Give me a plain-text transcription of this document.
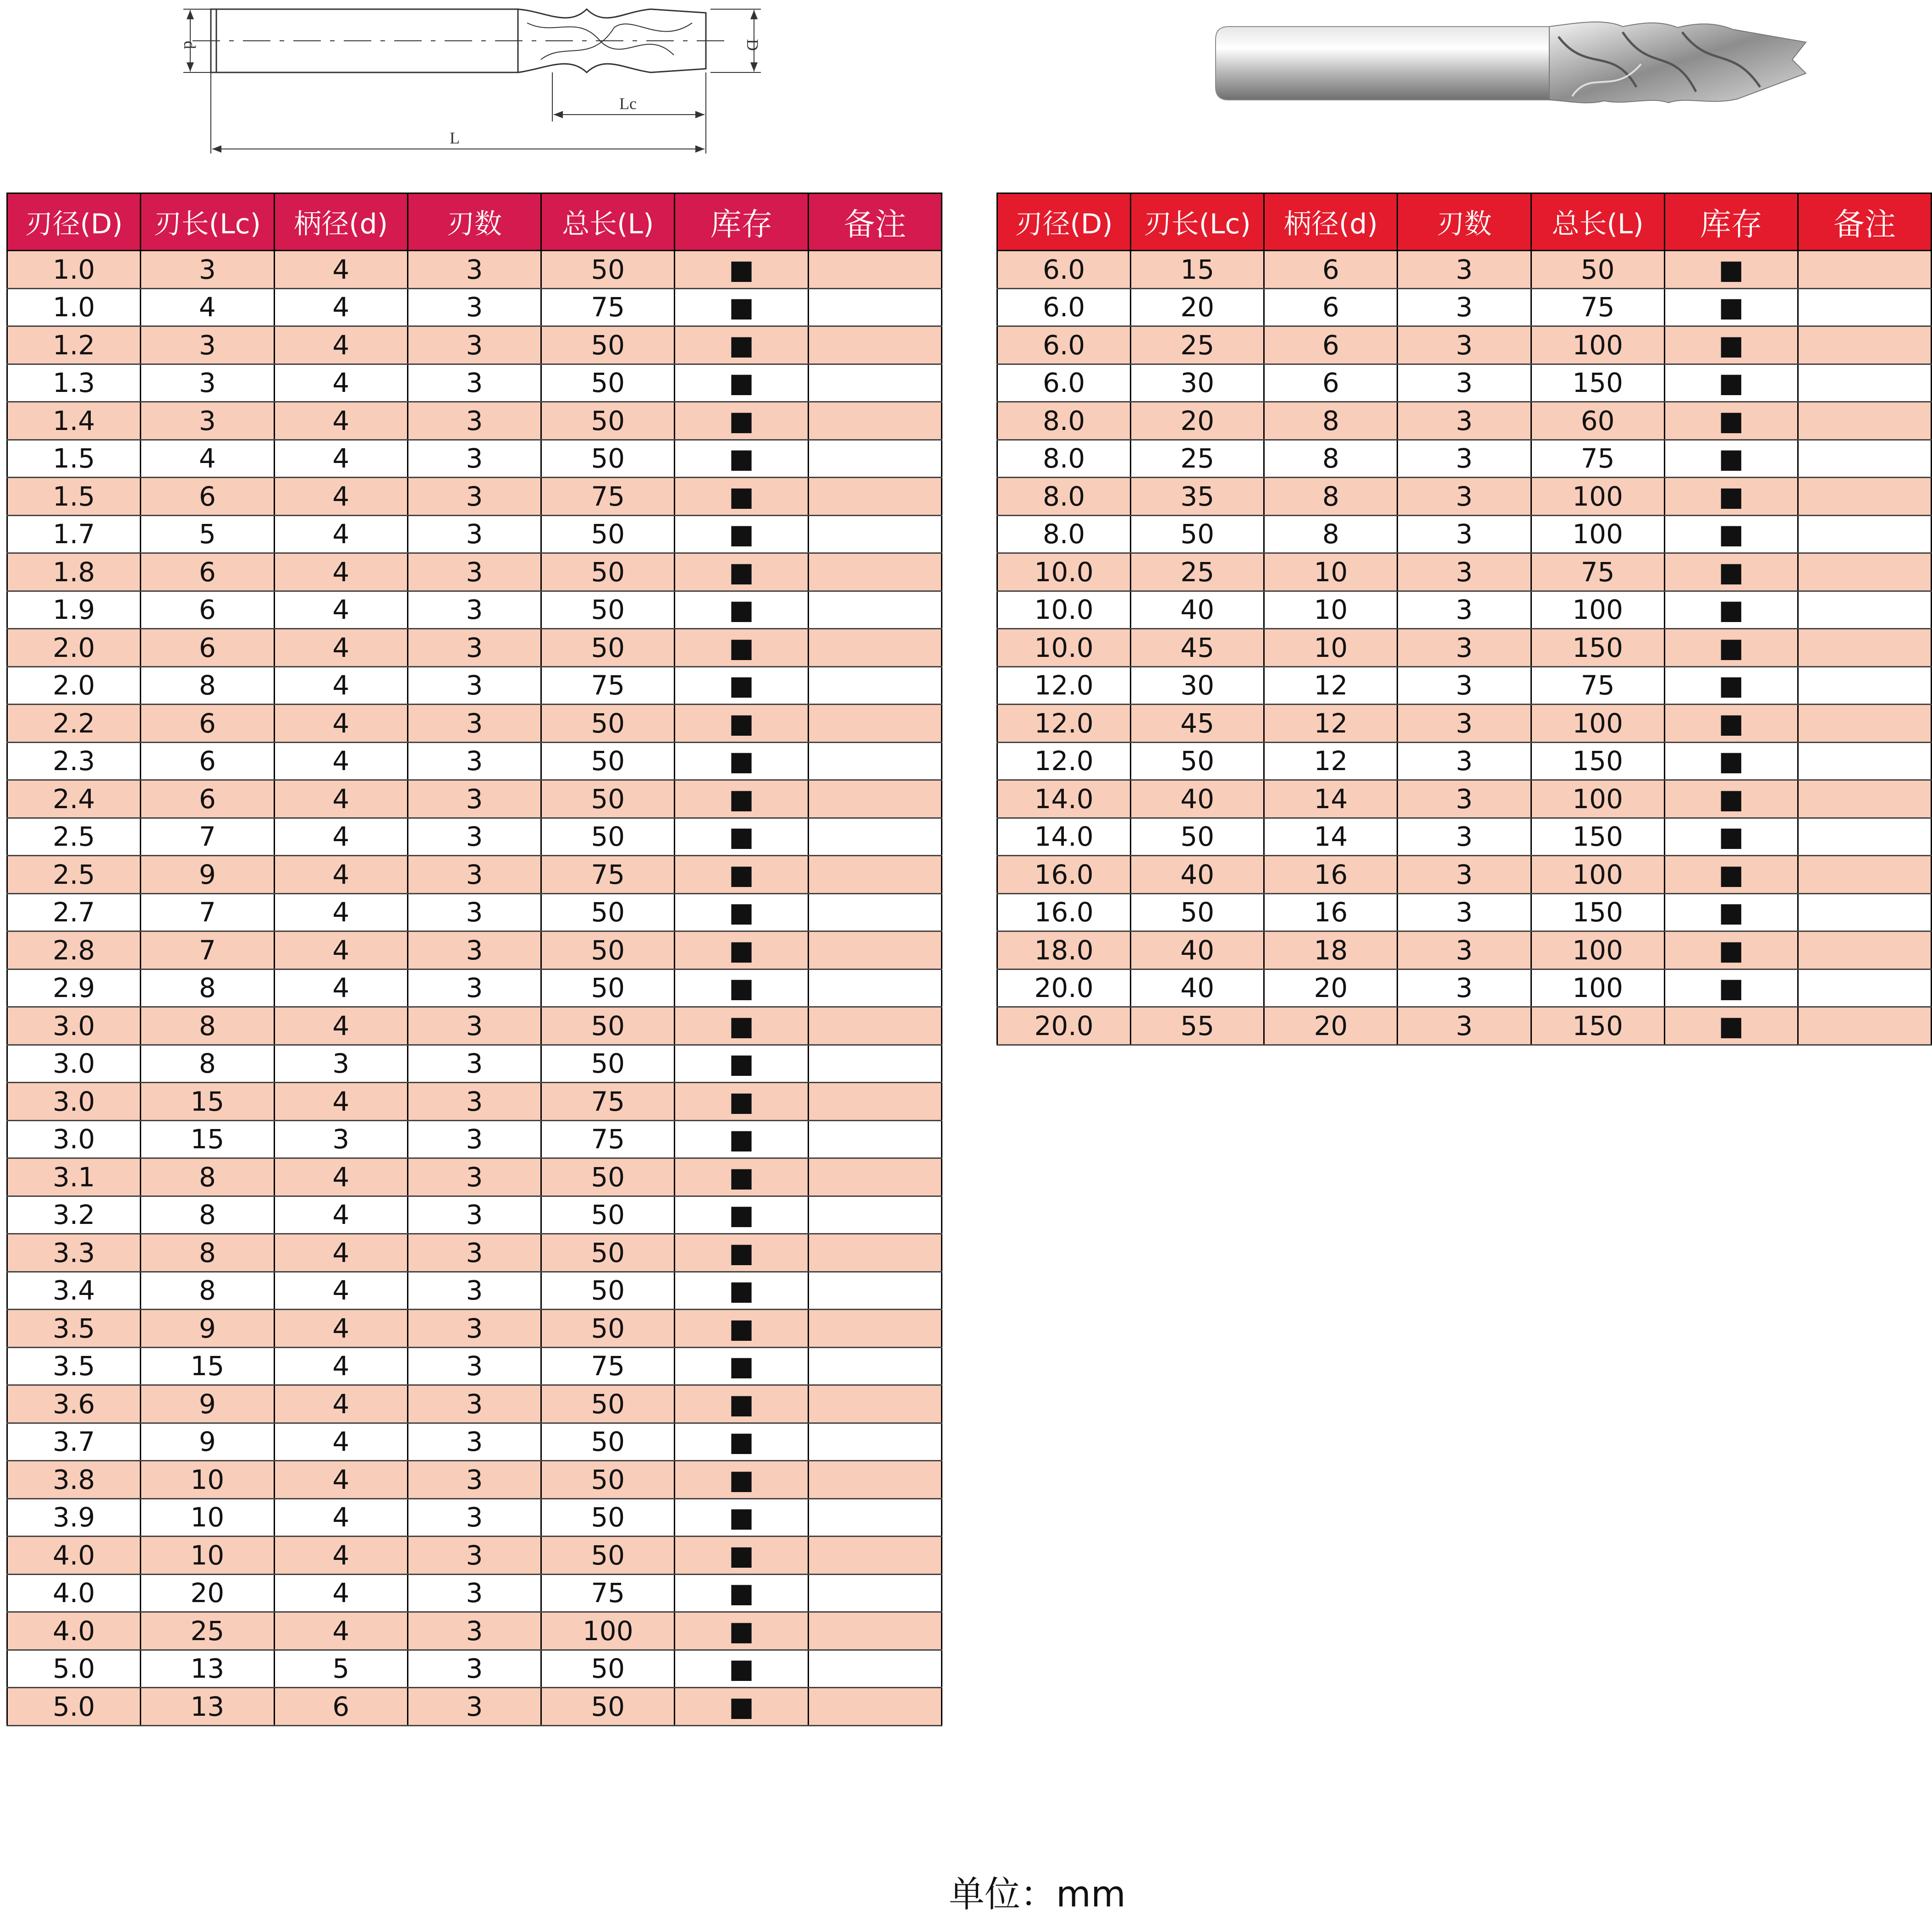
d	D
Lc
L
刃径(D)	刃长(Lc)	柄径(d)	刃数	总长(L)	库存	备注
1.0	3	4	3	50	■	
1.0	4	4	3	75	■	
1.2	3	4	3	50	■	
1.3	3	4	3	50	■	
1.4	3	4	3	50	■	
1.5	4	4	3	50	■	
1.5	6	4	3	75	■	
1.7	5	4	3	50	■	
1.8	6	4	3	50	■	
1.9	6	4	3	50	■	
2.0	6	4	3	50	■	
2.0	8	4	3	75	■	
2.2	6	4	3	50	■	
2.3	6	4	3	50	■	
2.4	6	4	3	50	■	
2.5	7	4	3	50	■	
2.5	9	4	3	75	■	
2.7	7	4	3	50	■	
2.8	7	4	3	50	■	
2.9	8	4	3	50	■	
3.0	8	4	3	50	■	
3.0	8	3	3	50	■	
3.0	15	4	3	75	■	
3.0	15	3	3	75	■	
3.1	8	4	3	50	■	
3.2	8	4	3	50	■	
3.3	8	4	3	50	■	
3.4	8	4	3	50	■	
3.5	9	4	3	50	■	
3.5	15	4	3	75	■	
3.6	9	4	3	50	■	
3.7	9	4	3	50	■	
3.8	10	4	3	50	■	
3.9	10	4	3	50	■	
4.0	10	4	3	50	■	
4.0	20	4	3	75	■	
4.0	25	4	3	100	■	
5.0	13	5	3	50	■	
5.0	13	6	3	50	■	
刃径(D)	刃长(Lc)	柄径(d)	刃数	总长(L)	库存	备注
6.0	15	6	3	50	■	
6.0	20	6	3	75	■	
6.0	25	6	3	100	■	
6.0	30	6	3	150	■	
8.0	20	8	3	60	■	
8.0	25	8	3	75	■	
8.0	35	8	3	100	■	
8.0	50	8	3	100	■	
10.0	25	10	3	75	■	
10.0	40	10	3	100	■	
10.0	45	10	3	150	■	
12.0	30	12	3	75	■	
12.0	45	12	3	100	■	
12.0	50	12	3	150	■	
14.0	40	14	3	100	■	
14.0	50	14	3	150	■	
16.0	40	16	3	100	■	
16.0	50	16	3	150	■	
18.0	40	18	3	100	■	
20.0	40	20	3	100	■	
20.0	55	20	3	150	■	
单位：mm
